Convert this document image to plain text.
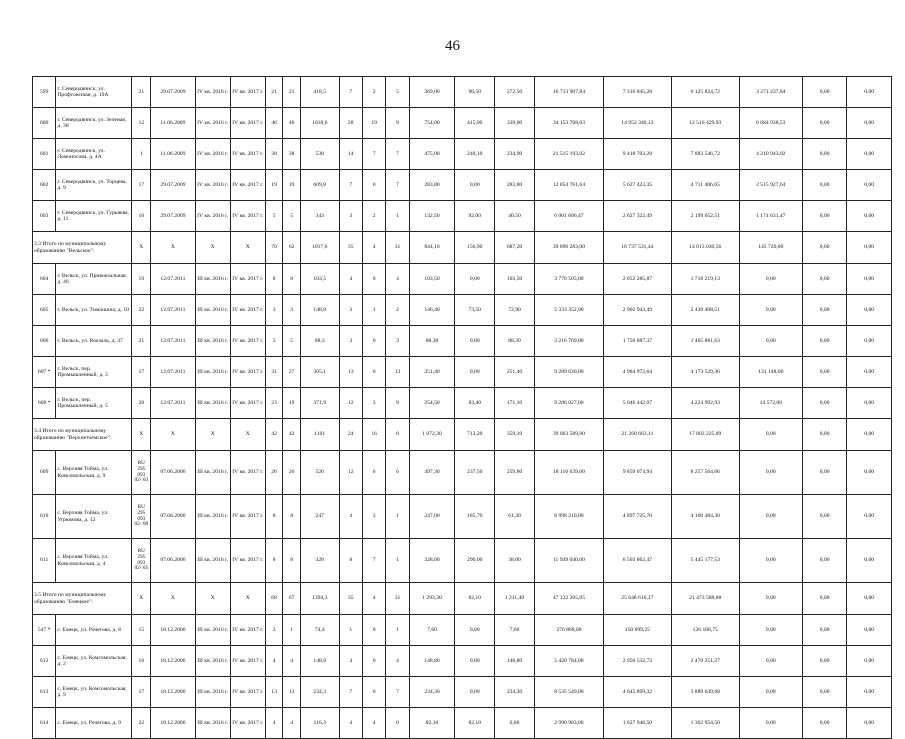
46
599	г. Северодвинск, ул. Профсоюзная, д. 10А	21	29.07.2009	IV кв. 2016 г.	IV кв. 2017 г.	21	21	418,5	7	2	5	369,00	96,50	272,50	16 713 907,84	7 316 845,28	6 125 824,72	3 271 237,84	0,00	0,00
600	г. Северодвинск, ул. Зеленая, д. 38	12	11.06.2009	IV кв. 2016 г.	IV кв. 2017 г.	46	46	1018,6	28	19	9	754,00	415,00	339,00	34 153 708,63	14 952 340,13	12 516 429,93	6 684 938,53	0,00	0,00
601	г. Северодвинск, ул. Ломоносова, д. 4А	1	11.06.2009	IV кв. 2016 г.	IV кв. 2017 г.	38	38	538	14	7	7	475,00	240,10	234,90	21 515 193,02	9 418 703,28	7 883 546,72	4 210 943,02	0,00	0,00
602	г. Северодвинск, ул. Торцева, д. 9	17	29.07.2009	IV кв. 2016 г.	IV кв. 2017 г.	19	19	609,8	7	0	7	283,80	0,00	283,80	12 854 761,64	5 627 423,35	4 711 406,65	2 515 927,64	0,00	0,00
603	г. Северодвинск, ул. Гурьяева, д. 11	16	29.07.2009	IV кв. 2016 г.	IV кв. 2017 г.	5	5	343	3	2	1	132,50	92,00	40,50	6 001 606,47	2 627 322,49	2 199 652,51	1 174 631,47	0,00	0,00
3.3 Итого по муниципальному образованию "Вельское":		X	X	X	X	70	62	1017,6	35	4	31	844,10	156,90	687,20	39 896 283,00	16 737 531,44	14 013 030,56	145 720,00	0,00	0,00
604	г. Вельск, ул. Привокзальная, д. 46	19	12.07.2011	III кв. 2016 г.	IV кв. 2017 г.	8	8	103,5	4	0	4	103,50	0,00	103,50	3 770 505,00	2 052 285,87	1 718 219,13	0,00	0,00	0,00
605	г. Вельск, ул. Тимошина, д. 10	22	12.07.2011	III кв. 2016 г.	IV кв. 2017 г.	3	3	148,8	3	1	2	146,40	73,50	72,90	5 333 352,00	2 902 943,49	2 430 408,51	0,00	0,00	0,00
606	г. Вельск, ул. Вокзаль, д. 37	21	12.07.2011	III кв. 2016 г.	IV кв. 2017 г.	5	5	88,3	3	0	3	88,30	0,00	88,30	3 216 769,00	1 750 887,37	1 465 881,63	0,00	0,00	0,00
607 *	г. Вельск, пер. Промышленный, д. 3	17	12.07.2011	III кв. 2016 г.	IV кв. 2017 г.	31	27	305,1	13	0	13	251,40	0,00	251,40	9 289 630,00	4 984 972,64	4 173 529,36	131 148,00	0,00	0,00
608 *	г. Вельск, пер. Промышленный, д. 5	20	12.07.2011	III кв. 2016 г.	IV кв. 2017 г.	23	19	371,9	12	3	9	254,50	83,40	171,10	9 286 027,00	5 046 442,07	4 224 992,93	14 572,00	0,00	0,00
3.4 Итого по муниципальному образованию "Верхнетоемское":		X	X	X	X	42	42	1101	24	16	8	1 072,30	713,20	359,10	39 063 589,00	21 260 663,11	17 803 225,89	0,00	0,00	0,00
609	с. Верхняя Тойма, ул. Комсомольская, д. 9	RU 295 093 02- 03	07.06.2006	III кв. 2016 г.	IV кв. 2017 г.	26	26	526	12	6	6	497,30	237,50	259,80	18 116 639,00	9 859 074,94	8 257 564,06	0,00	0,00	0,00
610	с. Верхняя Тойма, ул. Угрюмова, д. 12	RU 295 093 02- 08	07.06.2006	III кв. 2016 г.	IV кв. 2017 г.	8	8	247	4	3	1	247,00	185,70	61,30	8 998 210,00	4 897 725,70	4 100 484,30	0,00	0,00	0,00
611	с. Верхняя Тойма, ул. Комсомольская, д. 4	RU 295 093 02- 05	07.06.2006	III кв. 2016 г.	IV кв. 2017 г.	8	8	328	8	7	1	328,00	290,00	38,00	11 949 040,00	6 503 862,47	5 445 177,53	0,00	0,00	0,00
3.5 Итого по муниципальному образованию "Емецкое":		X	X	X	X	68	67	1394,3	35	4	31	1 293,30	82,10	1 211,40	47 122 205,05	25 648 616,17	21 473 588,88	0,00	0,00	0,00
547 *	с. Емецк, ул. Рочегова, д. 8	15	18.12.2006	III кв. 2016 г.	IV кв. 2017 г.	2	1	74,4	1	0	1	7,60	0,00	7,60	276 868,00	150 699,25	126 168,75	0,00	0,00	0,00
612	с. Емецк, ул. Комсомольская, д. 2	16	18.12.2006	III кв. 2016 г.	IV кв. 2017 г.	4	4	148,8	4	0	4	148,80	0,00	148,80	5 420 784,00	2 950 532,73	2 470 251,27	0,00	0,00	0,00
613	с. Емецк, ул. Комсомольская, д. 9	17	18.12.2006	III кв. 2016 г.	IV кв. 2017 г.	13	13	234,3	7	0	7	234,30	0,00	234,30	8 535 549,00	4 645 899,32	3 889 649,68	0,00	0,00	0,00
614	с. Емецк, ул. Рочегова, д. 9	22	18.12.2006	III кв. 2016 г.	IV кв. 2017 г.	4	4	116,3	4	4	0	82,10	82,10	0,00	2 990 903,00	1 627 948,50	1 362 954,50	0,00	0,00	0,00
